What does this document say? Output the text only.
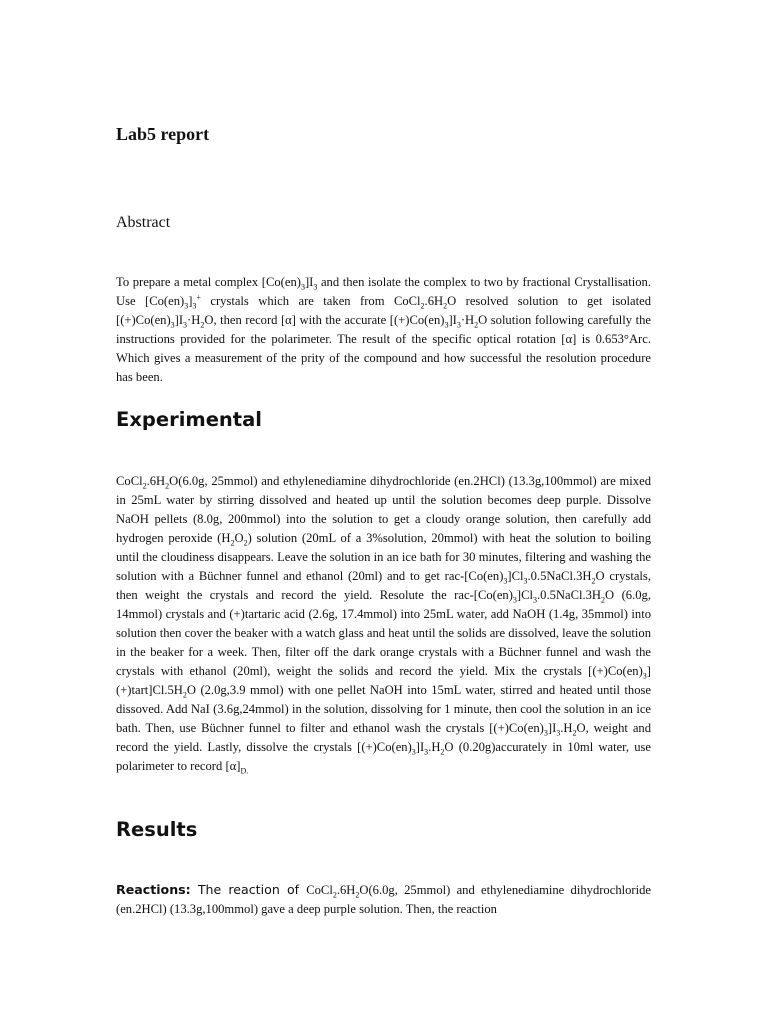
Lab5 report
Abstract

To prepare a metal complex $[Co(en)_3]I_3$ and then isolate the complex to two by fractional Crystallisation. Use $[Co(en)_3]_3^+$ crystals which are taken from $CoCl_2.6H_2O$ resolved solution to get isolated $[(+)Co(en)_3]I_3\cdot H_2O$, then record [α] with the accurate $[(+)Co(en)_3]I_3\cdot H_2O$ solution following carefully the instructions provided for the polarimeter. The result of the specific optical rotation [α] is 0.653°Arc. Which gives a measurement of the prity of the compound and how successful the resolution procedure has been.

Experimental

$CoCl_2.6H_2O(6.0g$, 25mmol) and ethylenediamine dihydrochloride (en.2HCl) (13.3g,100mmol) are mixed in 25mL water by stirring dissolved and heated up until the solution becomes deep purple. Dissolve NaOH pellets (8.0g, 200mmol) into the solution to get a cloudy orange solution, then carefully add hydrogen peroxide $(H_2O_2)$ solution (20mL of a 3%solution, 20mmol) with heat the solution to boiling until the cloudiness disappears. Leave the solution in an ice bath for 30 minutes, filtering and washing the solution with a Büchner funnel and ethanol (20ml) and to get rac-$[Co(en)_3]Cl_3.0.5NaCl.3H_2O$ crystals, then weight the crystals and record the yield. Resolute the rac-$[Co(en)_3]Cl_3.0.5NaCl.3H_2O$ (6.0g, 14mmol) crystals and (+)tartaric acid (2.6g, 17.4mmol) into 25mL water, add NaOH (1.4g, 35mmol) into solution then cover the beaker with a watch glass and heat until the solids are dissolved, leave the solution in the beaker for a week. Then, filter off the dark orange crystals with a Büchner funnel and wash the crystals with ethanol (20ml), weight the solids and record the yield. Mix the crystals $[(+)Co(en)_3](+)tart]Cl.5H_2O$ (2.0g,3.9 mmol) with one pellet NaOH into 15mL water, stirred and heated until those dissoved. Add NaI (3.6g,24mmol) in the solution, dissolving for 1 minute, then cool the solution in an ice bath. Then, use Büchner funnel to filter and ethanol wash the crystals $[(+)Co(en)_3]I_3.H_2O$, weight and record the yield. Lastly, dissolve the crystals $[(+)Co(en)_3]I_3.H_2O$ (0.20g)accurately in 10ml water, use polarimeter to record $[\alpha]_{D.}$

Results

Reactions: The reaction of $CoCl_2.6H_2O(6.0g$, 25mmol) and ethylenediamine dihydrochloride (en.2HCl) (13.3g,100mmol) gave a deep purple solution. Then, the reaction
